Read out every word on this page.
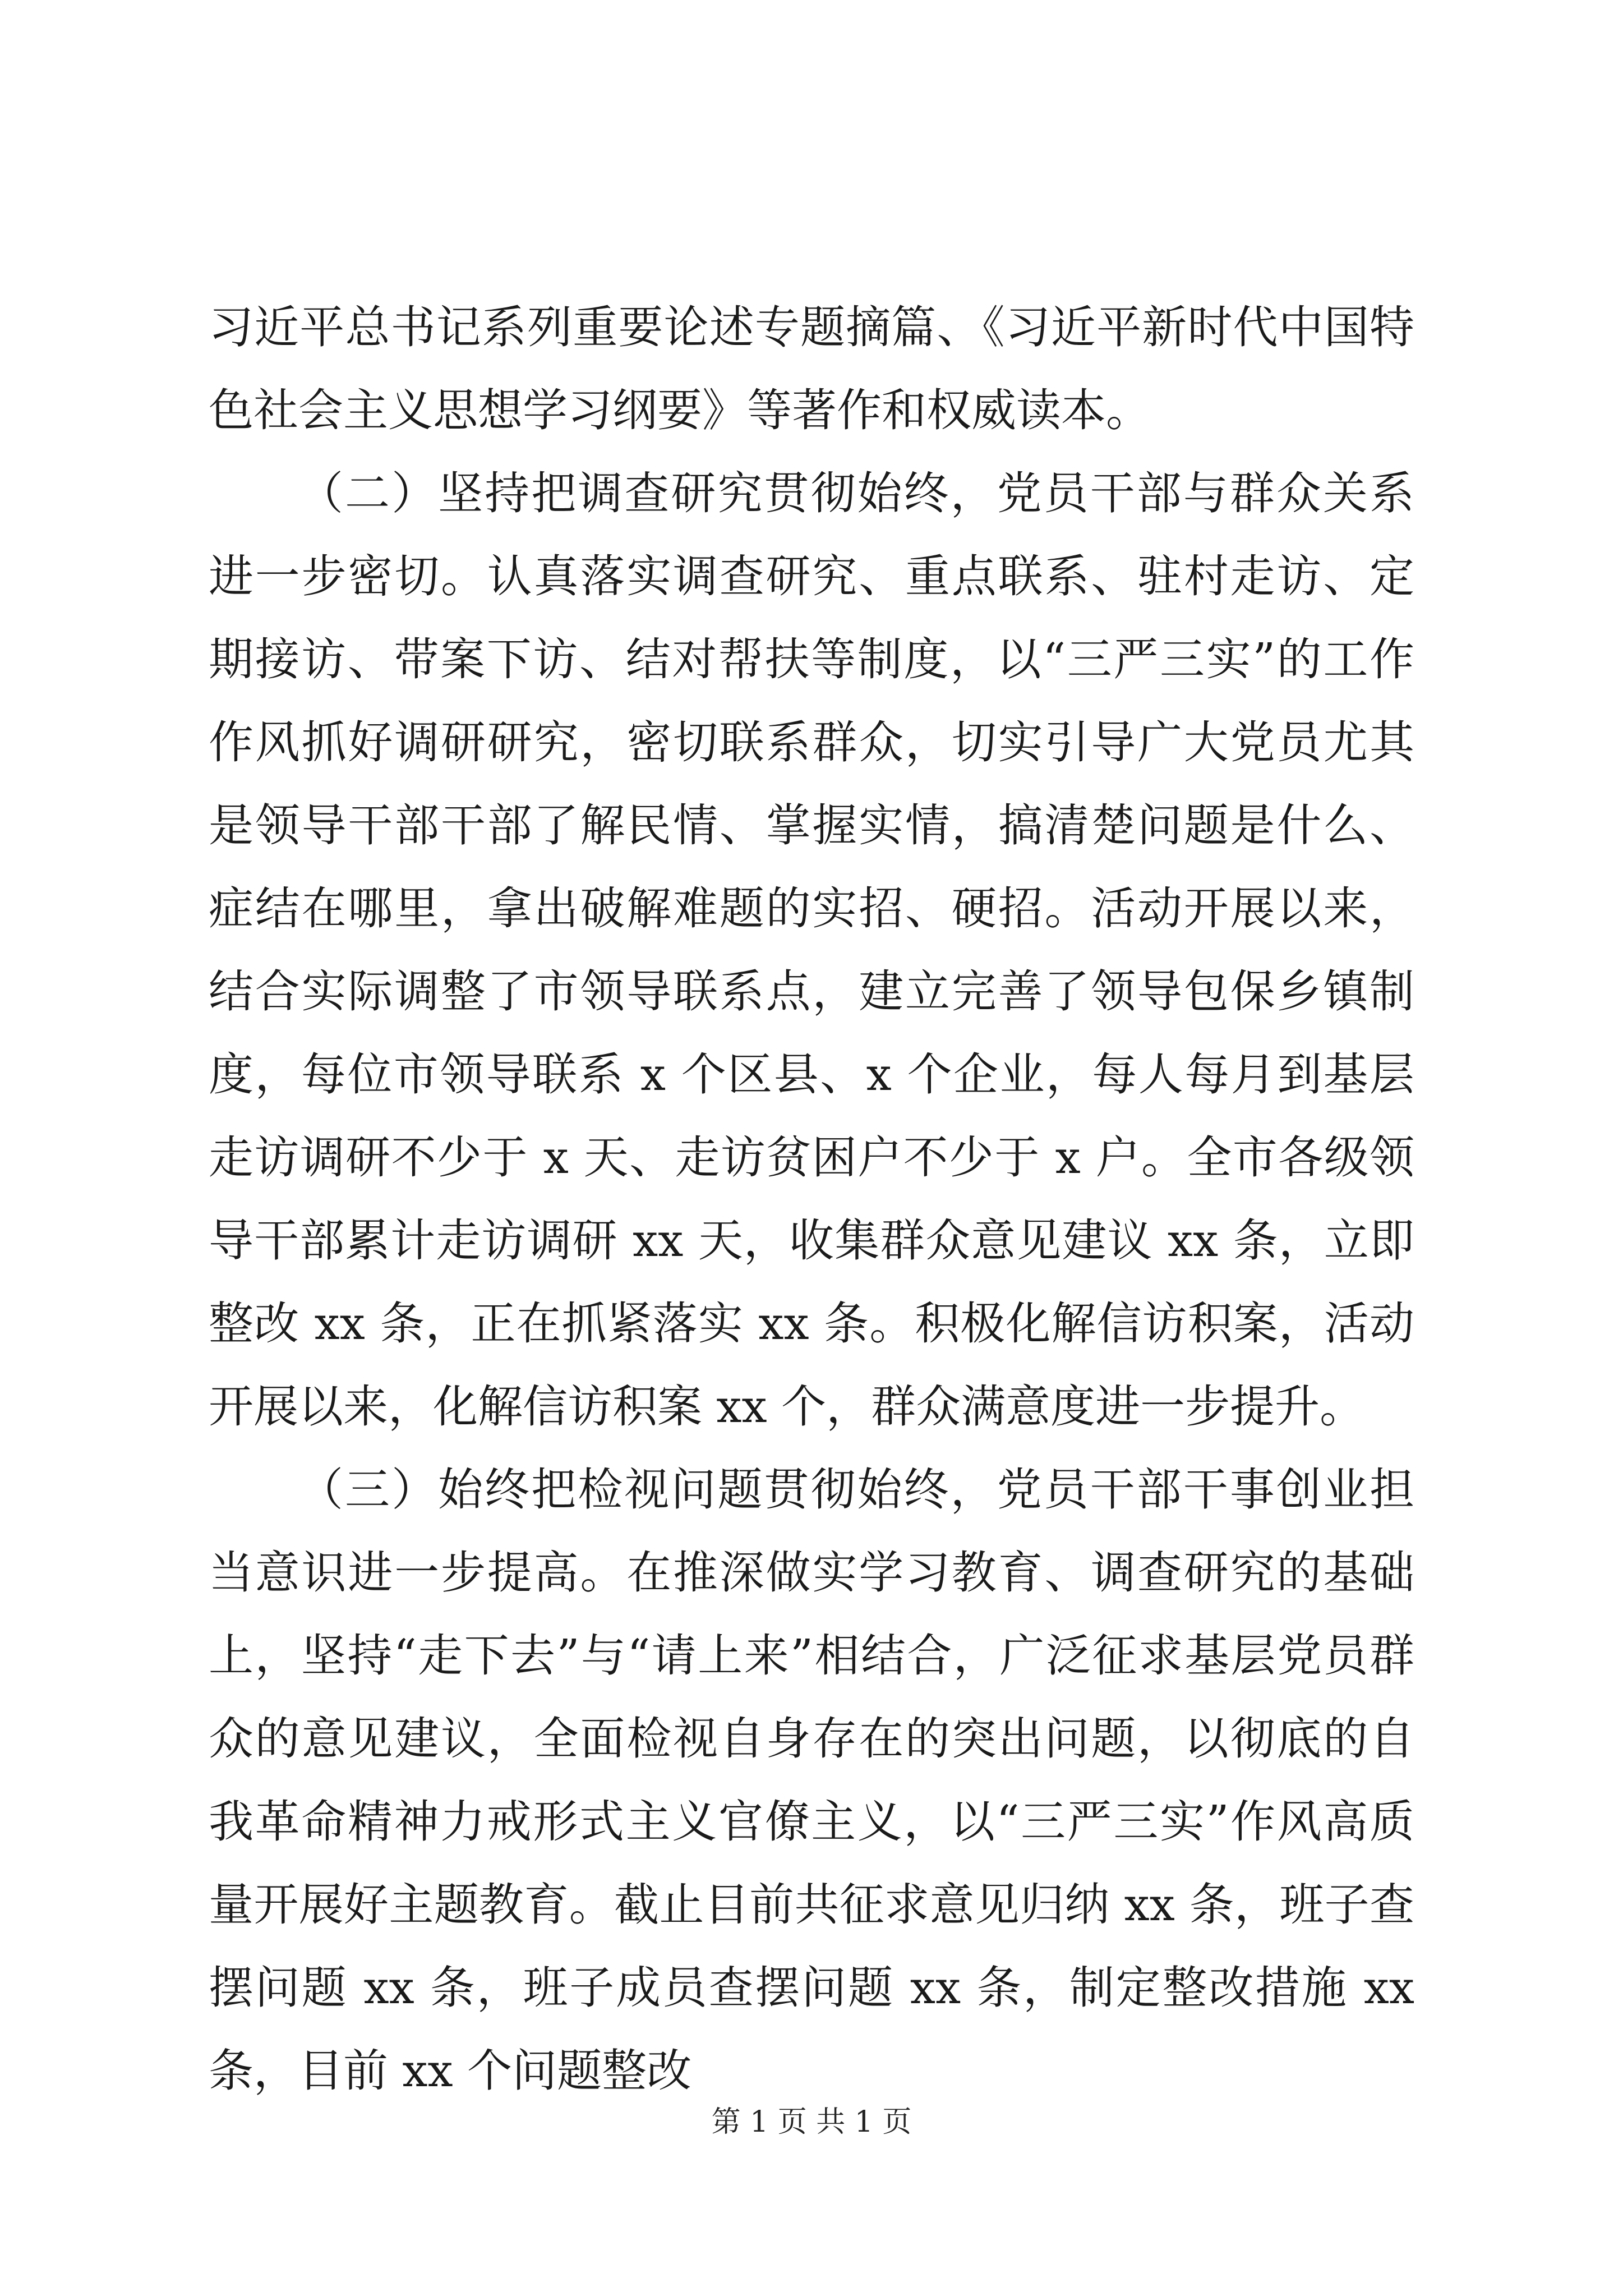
习近平总书记系列重要论述专题摘篇、《习近平新时代中国特色社会主义思想学习纲要》等著作和权威读本。

（二）坚持把调查研究贯彻始终，党员干部与群众关系进一步密切。认真落实调查研究、重点联系、驻村走访、定期接访、带案下访、结对帮扶等制度，以“三严三实”的工作作风抓好调研研究，密切联系群众，切实引导广大党员尤其是领导干部干部了解民情、掌握实情，搞清楚问题是什么、症结在哪里，拿出破解难题的实招、硬招。活动开展以来，结合实际调整了市领导联系点，建立完善了领导包保乡镇制度，每位市领导联系 x 个区县、x 个企业，每人每月到基层走访调研不少于 x 天、走访贫困户不少于 x 户。全市各级领导干部累计走访调研 xx 天，收集群众意见建议 xx 条，立即整改 xx 条，正在抓紧落实 xx 条。积极化解信访积案，活动开展以来，化解信访积案 xx 个，群众满意度进一步提升。

（三）始终把检视问题贯彻始终，党员干部干事创业担当意识进一步提高。在推深做实学习教育、调查研究的基础上，坚持“走下去”与“请上来”相结合，广泛征求基层党员群众的意见建议，全面检视自身存在的突出问题，以彻底的自我革命精神力戒形式主义官僚主义，以“三严三实”作风高质量开展好主题教育。截止目前共征求意见归纳 xx 条，班子查摆问题 xx 条，班子成员查摆问题 xx 条，制定整改措施 xx 条，目前 xx 个问题整改

第 1 页 共 1 页
